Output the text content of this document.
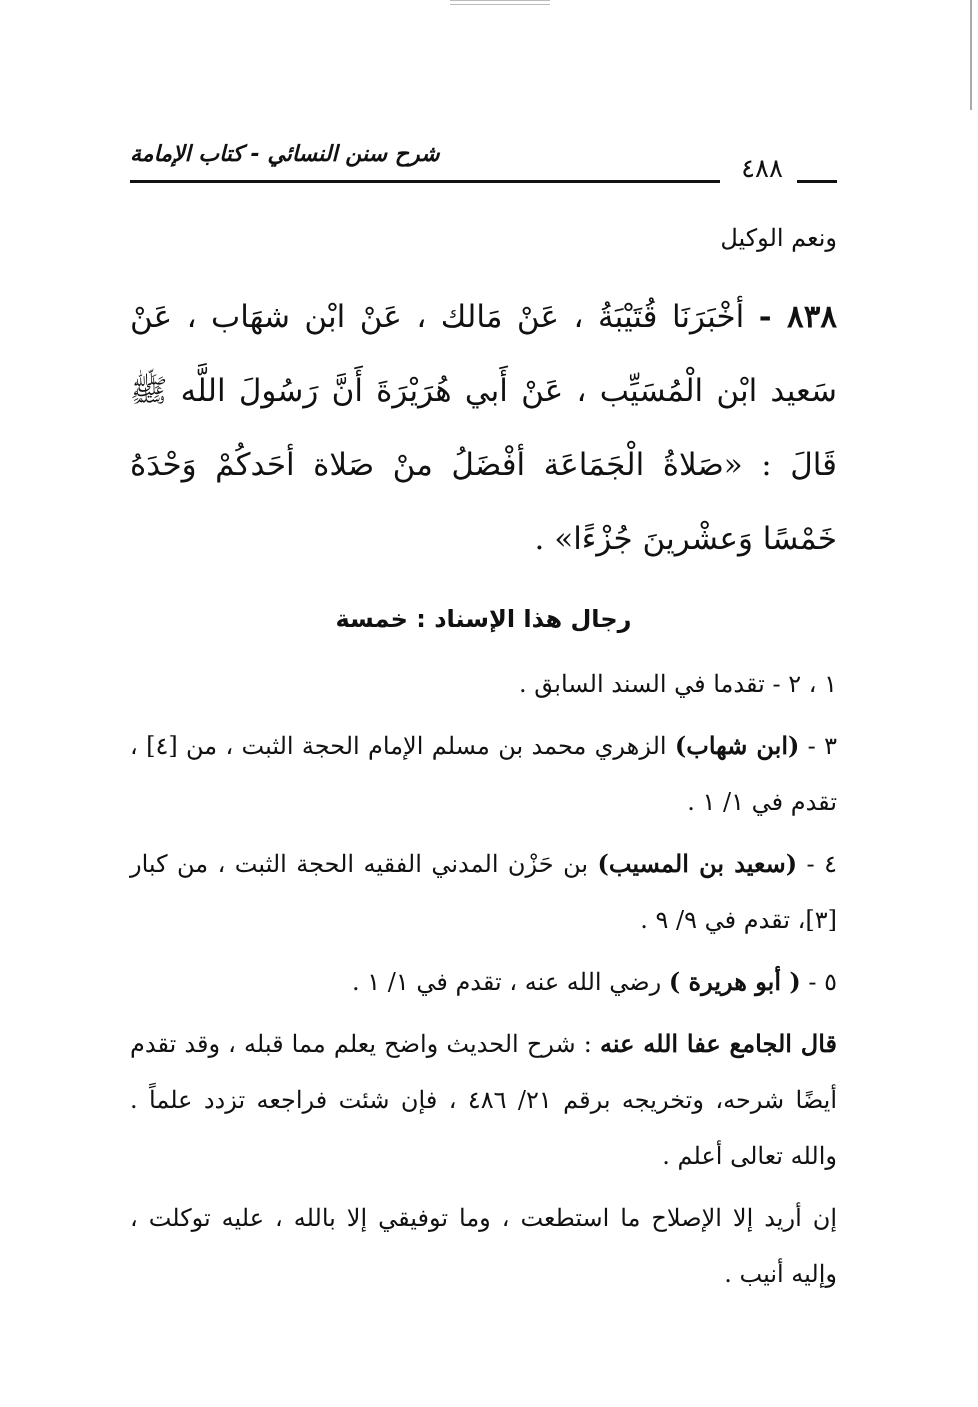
شرح سنن النسائي - كتاب الإمامة	٤٨٨

ونعم الوكيل

٨٣٨ - أخْبَرَنَا قُتَيْبَةُ ، عَنْ مَالك ، عَنْ ابْن شهَاب ، عَنْ سَعيد ابْن الْمُسَيِّب ، عَنْ أَبي هُرَيْرَةَ أَنَّ رَسُولَ اللَّه ﷺ قَالَ : «صَلاةُ الْجَمَاعَة أفْضَلُ منْ صَلاة أحَدكُمْ وَحْدَهُ خَمْسًا وَعشْرينَ جُزْءًا» .

رجال هذا الإسناد : خمسة

١ ، ٢ - تقدما في السند السابق .

٣ - (ابن شهاب) الزهري محمد بن مسلم الإمام الحجة الثبت ، من [٤] ، تقدم في ١/ ١ .

٤ - (سعيد بن المسيب) بن حَزْن المدني الفقيه الحجة الثبت ، من كبار [٣]، تقدم في ٩/ ٩ .

٥ - ( أبو هريرة ) رضي الله عنه ، تقدم في ١/ ١ .

قال الجامع عفا الله عنه : شرح الحديث واضح يعلم مما قبله ، وقد تقدم أيضًا شرحه، وتخريجه برقم ٢١/ ٤٨٦ ، فإن شئت فراجعه تزدد علماً . والله تعالى أعلم .

إن أريد إلا الإصلاح ما استطعت ، وما توفيقي إلا بالله ، عليه توكلت ، وإليه أنيب .
